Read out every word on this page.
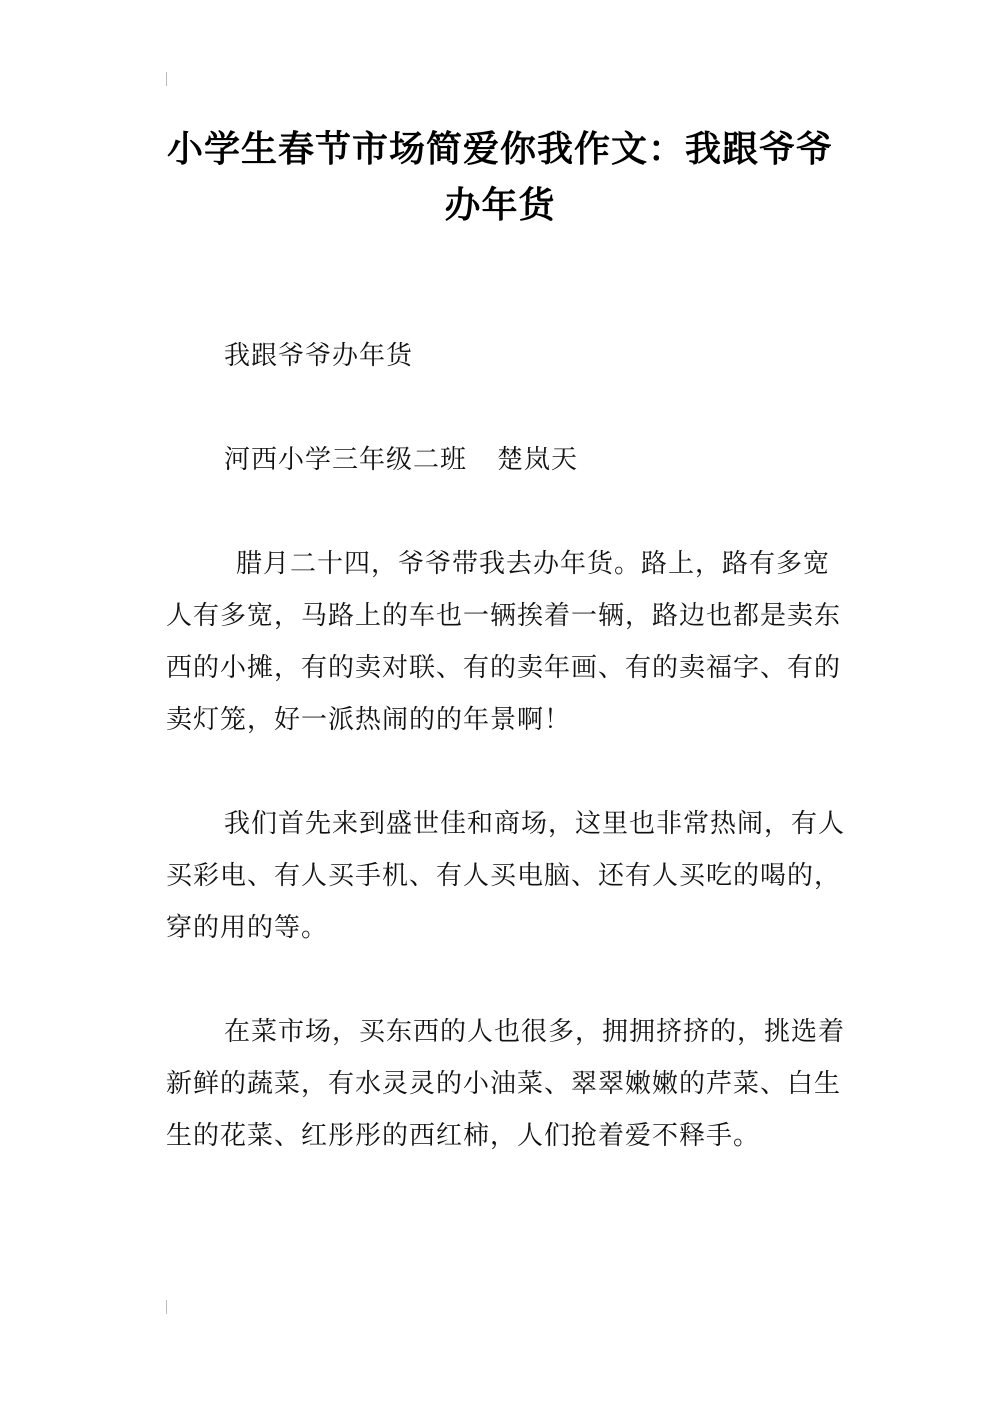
小学生春节市场简爱你我作文：我跟爷爷办年货

我跟爷爷办年货

河西小学三年级二班 楚岚天

腊月二十四，爷爷带我去办年货。路上，路有多宽人有多宽，马路上的车也一辆挨着一辆，路边也都是卖东西的小摊，有的卖对联、有的卖年画、有的卖福字、有的卖灯笼，好一派热闹的的年景啊！

我们首先来到盛世佳和商场，这里也非常热闹，有人买彩电、有人买手机、有人买电脑、还有人买吃的喝的，穿的用的等。

在菜市场，买东西的人也很多，拥拥挤挤的，挑选着新鲜的蔬菜，有水灵灵的小油菜、翠翠嫩嫩的芹菜、白生生的花菜、红彤彤的西红柿，人们抢着爱不释手。
